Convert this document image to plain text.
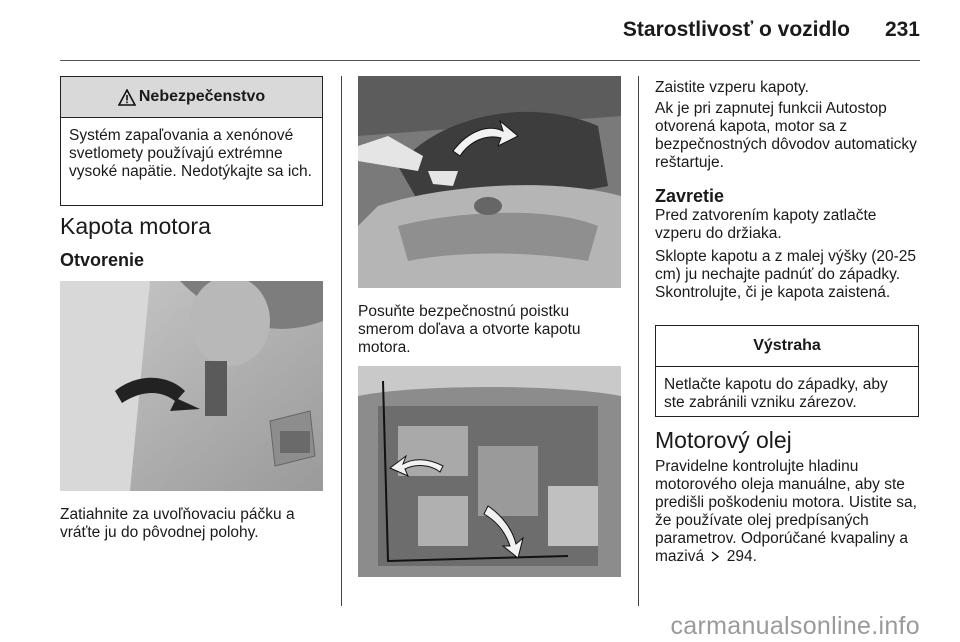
Starostlivosť o vozidlo	231
Nebezpečenstvo
Systém zapaľovania a xenónové svetlomety používajú extrémne vysoké napätie. Nedotýkajte sa ich.
Kapota motora
Otvorenie
Zatiahnite za uvoľňovaciu páčku a vráťte ju do pôvodnej polohy.
Posuňte bezpečnostnú poistku smerom doľava a otvorte kapotu motora.
Zaistite vzperu kapoty.
Ak je pri zapnutej funkcii Autostop otvorená kapota, motor sa z bezpečnostných dôvodov automaticky reštartuje.
Zavretie
Pred zatvorením kapoty zatlačte vzperu do držiaka.
Sklopte kapotu a z malej výšky (20-25 cm) ju nechajte padnúť do západky. Skontrolujte, či je kapota zaistená.
Výstraha
Netlačte kapotu do západky, aby ste zabránili vzniku zárezov.
Motorový olej
Pravidelne kontrolujte hladinu motorového oleja manuálne, aby ste predišli poškodeniu motora. Uistite sa, že používate olej predpísaných parametrov. Odporúčané kvapaliny a mazivá 294.
carmanualsonline.info
